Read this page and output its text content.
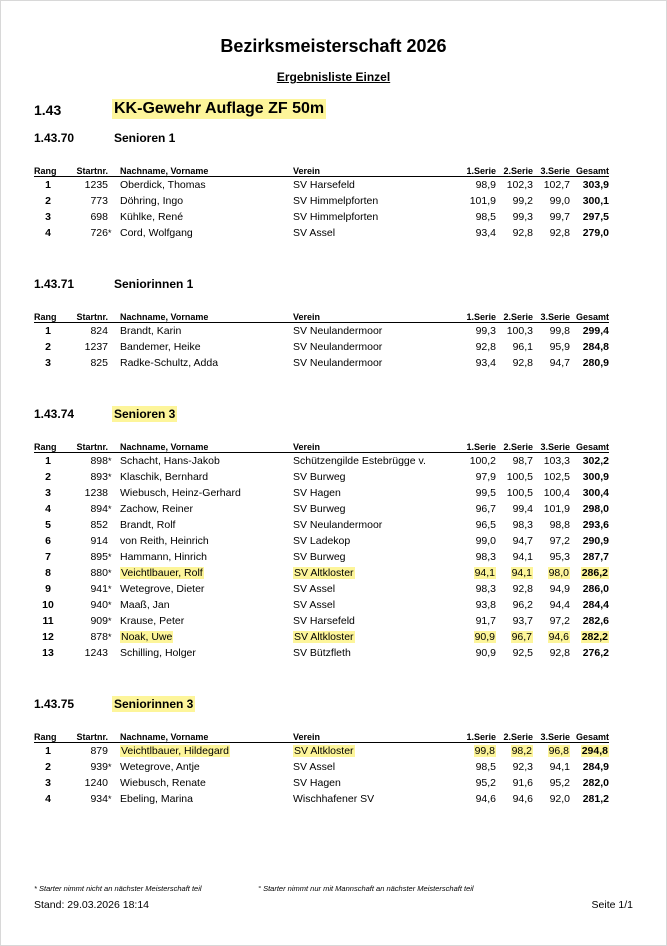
Bezirksmeisterschaft 2026
Ergebnisliste Einzel
1.43	KK-Gewehr Auflage ZF 50m
1.43.70	Senioren 1
Rang	Startnr.		Nachname, Vorname	Verein	1.Serie	2.Serie	3.Serie	Gesamt
1	1235		Oberdick, Thomas	SV Harsefeld	98,9	102,3	102,7	303,9
2	773		Döhring, Ingo	SV Himmelpforten	101,9	99,2	99,0	300,1
3	698		Kühlke, René	SV Himmelpforten	98,5	99,3	99,7	297,5
4	726	*	Cord, Wolfgang	SV Assel	93,4	92,8	92,8	279,0
1.43.71	Seniorinnen 1
Rang	Startnr.		Nachname, Vorname	Verein	1.Serie	2.Serie	3.Serie	Gesamt
1	824		Brandt, Karin	SV Neulandermoor	99,3	100,3	99,8	299,4
2	1237		Bandemer, Heike	SV Neulandermoor	92,8	96,1	95,9	284,8
3	825		Radke-Schultz, Adda	SV Neulandermoor	93,4	92,8	94,7	280,9
1.43.74	Senioren 3
Rang	Startnr.		Nachname, Vorname	Verein	1.Serie	2.Serie	3.Serie	Gesamt
1	898	*	Schacht, Hans-Jakob	Schützengilde Estebrügge v.	100,2	98,7	103,3	302,2
2	893	*	Klaschik, Bernhard	SV Burweg	97,9	100,5	102,5	300,9
3	1238		Wiebusch, Heinz-Gerhard	SV Hagen	99,5	100,5	100,4	300,4
4	894	*	Zachow, Reiner	SV Burweg	96,7	99,4	101,9	298,0
5	852		Brandt, Rolf	SV Neulandermoor	96,5	98,3	98,8	293,6
6	914		von Reith, Heinrich	SV Ladekop	99,0	94,7	97,2	290,9
7	895	*	Hammann, Hinrich	SV Burweg	98,3	94,1	95,3	287,7
8	880	*	Veichtlbauer, Rolf	SV Altkloster	94,1	94,1	98,0	286,2
9	941	*	Wetegrove, Dieter	SV Assel	98,3	92,8	94,9	286,0
10	940	*	Maaß, Jan	SV Assel	93,8	96,2	94,4	284,4
11	909	*	Krause, Peter	SV Harsefeld	91,7	93,7	97,2	282,6
12	878	*	Noak, Uwe	SV Altkloster	90,9	96,7	94,6	282,2
13	1243		Schilling, Holger	SV Bützfleth	90,9	92,5	92,8	276,2
1.43.75	Seniorinnen 3
Rang	Startnr.		Nachname, Vorname	Verein	1.Serie	2.Serie	3.Serie	Gesamt
1	879		Veichtlbauer, Hildegard	SV Altkloster	99,8	98,2	96,8	294,8
2	939	*	Wetegrove, Antje	SV Assel	98,5	92,3	94,1	284,9
3	1240		Wiebusch, Renate	SV Hagen	95,2	91,6	95,2	282,0
4	934	*	Ebeling, Marina	Wischhafener SV	94,6	94,6	92,0	281,2
* Starter nimmt nicht an nächster Meisterschaft teil	° Starter nimmt nur mit Mannschaft an nächster Meisterschaft teil
Stand: 29.03.2026 18:14	Seite 1/1
